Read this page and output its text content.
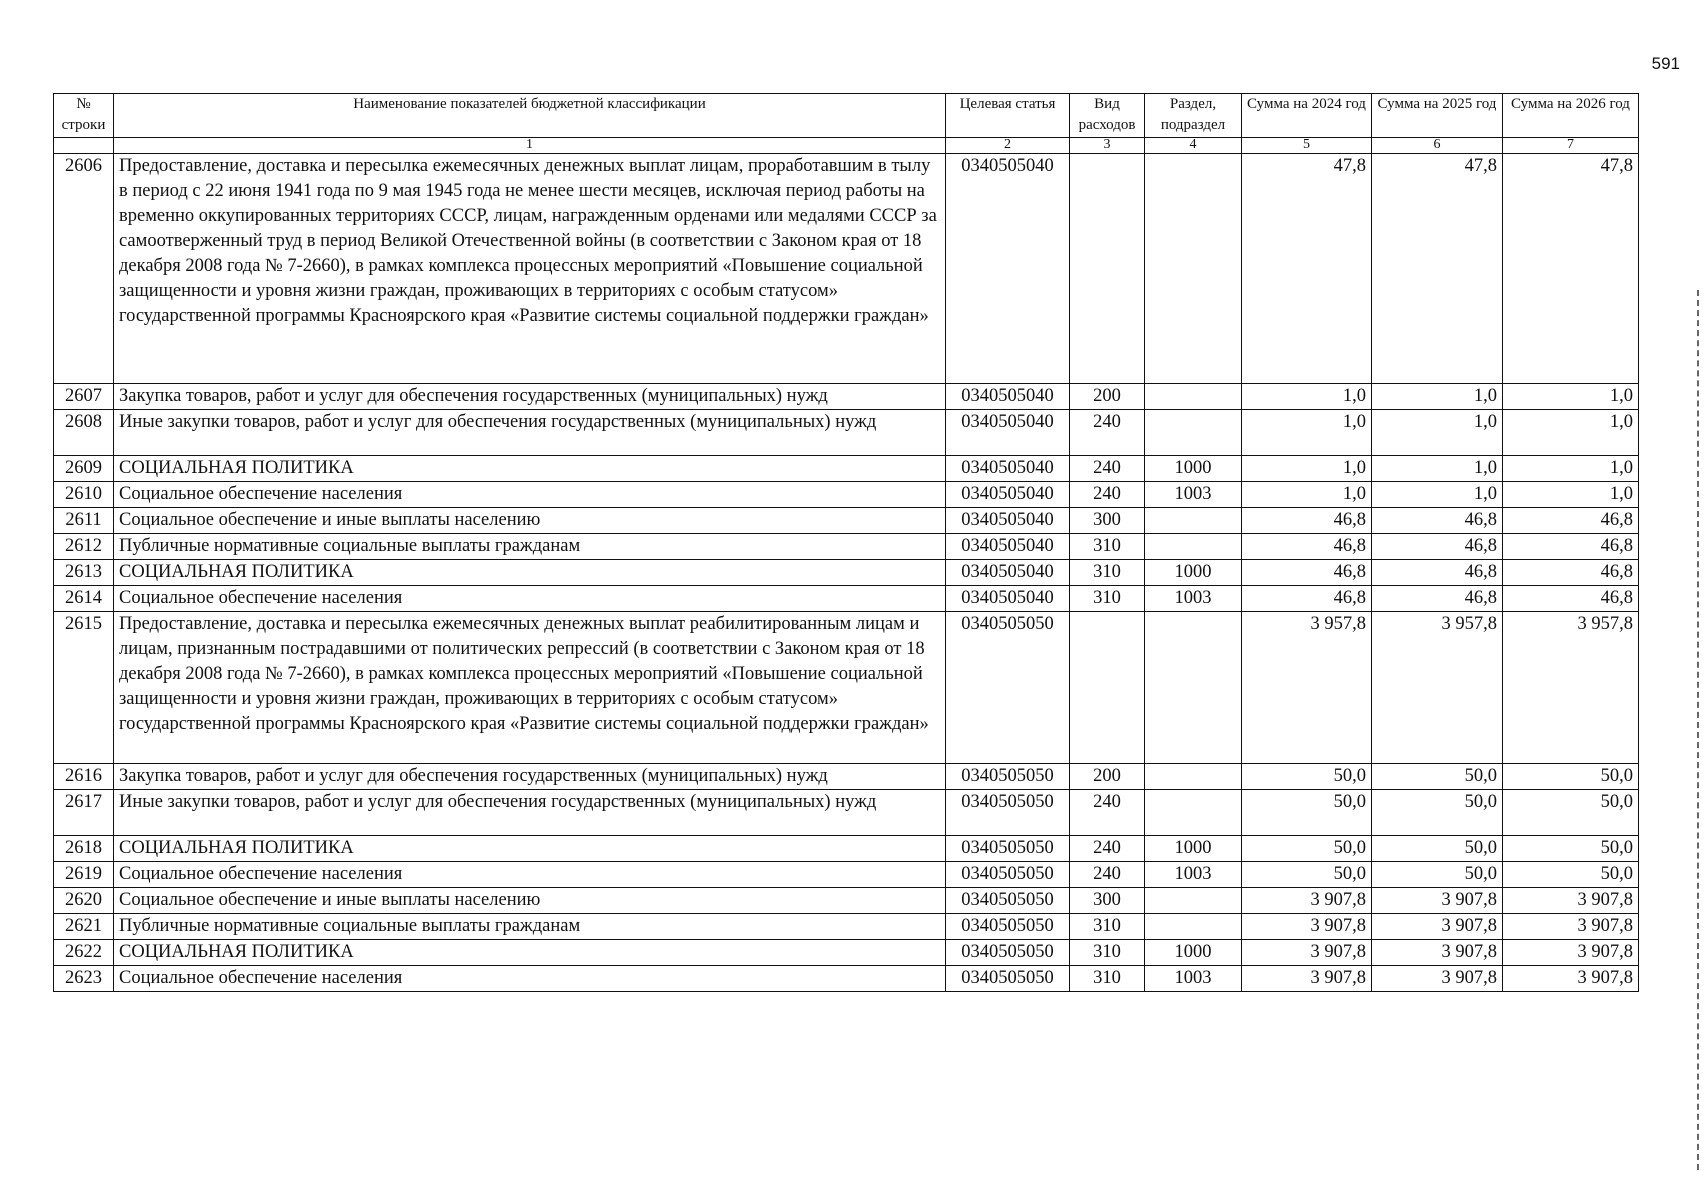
591
№ строки	Наименование показателей бюджетной классификации	Целевая статья	Вид расходов	Раздел, подраздел	Сумма на 2024 год	Сумма на 2025 год	Сумма на 2026 год
	1	2	3	4	5	6	7
2606	Предоставление, доставка и пересылка ежемесячных денежных выплат лицам, проработавшим в тылу в период с 22 июня 1941 года по 9 мая 1945 года не менее шести месяцев, исключая период работы на временно оккупированных территориях СССР, лицам, награжденным орденами или медалями СССР за самоотверженный труд в период Великой Отечественной войны (в соответствии с Законом края от 18 декабря 2008 года № 7-2660), в рамках комплекса процессных мероприятий «Повышение социальной защищенности и уровня жизни граждан, проживающих в территориях с особым статусом» государственной программы Красноярского края «Развитие системы социальной поддержки граждан»	0340505040			47,8	47,8	47,8
2607	Закупка товаров, работ и услуг для обеспечения государственных (муниципальных) нужд	0340505040	200		1,0	1,0	1,0
2608	Иные закупки товаров, работ и услуг для обеспечения государственных (муниципальных) нужд	0340505040	240		1,0	1,0	1,0
2609	СОЦИАЛЬНАЯ ПОЛИТИКА	0340505040	240	1000	1,0	1,0	1,0
2610	Социальное обеспечение населения	0340505040	240	1003	1,0	1,0	1,0
2611	Социальное обеспечение и иные выплаты населению	0340505040	300		46,8	46,8	46,8
2612	Публичные нормативные социальные выплаты гражданам	0340505040	310		46,8	46,8	46,8
2613	СОЦИАЛЬНАЯ ПОЛИТИКА	0340505040	310	1000	46,8	46,8	46,8
2614	Социальное обеспечение населения	0340505040	310	1003	46,8	46,8	46,8
2615	Предоставление, доставка и пересылка ежемесячных денежных выплат реабилитированным лицам и лицам, признанным пострадавшими от политических репрессий (в соответствии с Законом края от 18 декабря 2008 года № 7-2660), в рамках комплекса процессных мероприятий «Повышение социальной защищенности и уровня жизни граждан, проживающих в территориях с особым статусом» государственной программы Красноярского края «Развитие системы социальной поддержки граждан»	0340505050			3 957,8	3 957,8	3 957,8
2616	Закупка товаров, работ и услуг для обеспечения государственных (муниципальных) нужд	0340505050	200		50,0	50,0	50,0
2617	Иные закупки товаров, работ и услуг для обеспечения государственных (муниципальных) нужд	0340505050	240		50,0	50,0	50,0
2618	СОЦИАЛЬНАЯ ПОЛИТИКА	0340505050	240	1000	50,0	50,0	50,0
2619	Социальное обеспечение населения	0340505050	240	1003	50,0	50,0	50,0
2620	Социальное обеспечение и иные выплаты населению	0340505050	300		3 907,8	3 907,8	3 907,8
2621	Публичные нормативные социальные выплаты гражданам	0340505050	310		3 907,8	3 907,8	3 907,8
2622	СОЦИАЛЬНАЯ ПОЛИТИКА	0340505050	310	1000	3 907,8	3 907,8	3 907,8
2623	Социальное обеспечение населения	0340505050	310	1003	3 907,8	3 907,8	3 907,8
